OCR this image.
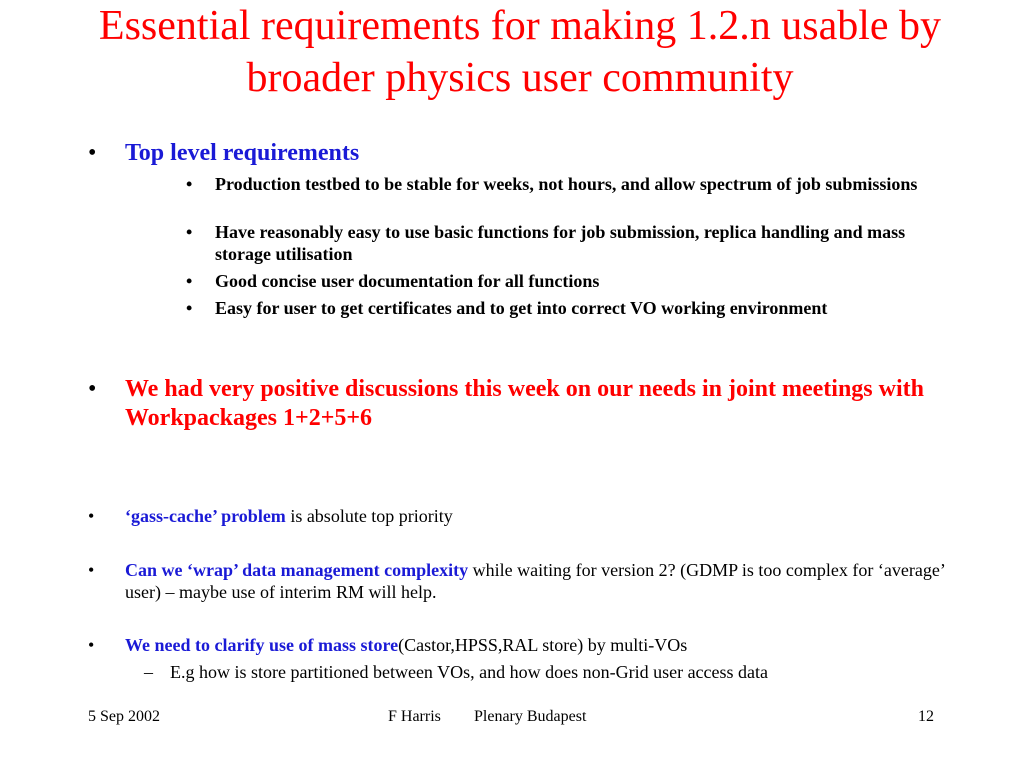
Essential requirements for making 1.2.n usable by broader physics user community
•	Top level requirements
•	Production testbed to be stable for weeks, not hours, and allow spectrum of job submissions
•	Have reasonably easy to use basic functions for job submission, replica handling and mass storage utilisation
•	Good concise user documentation for all functions
•	Easy for user to get certificates and to get into correct VO working environment
•	We had very positive discussions this week on our needs in joint meetings with Workpackages 1+2+5+6
•	‘gass-cache’ problem is absolute top priority
•	Can we ‘wrap’ data management complexity while waiting for version 2? (GDMP is too complex for ‘average’ user) – maybe use of interim RM will help.
•	We need to clarify use of mass store(Castor,HPSS,RAL store) by multi-VOs
– E.g how is store partitioned between VOs, and how does non-Grid user access data
5 Sep 2002	F Harris Plenary Budapest	12
